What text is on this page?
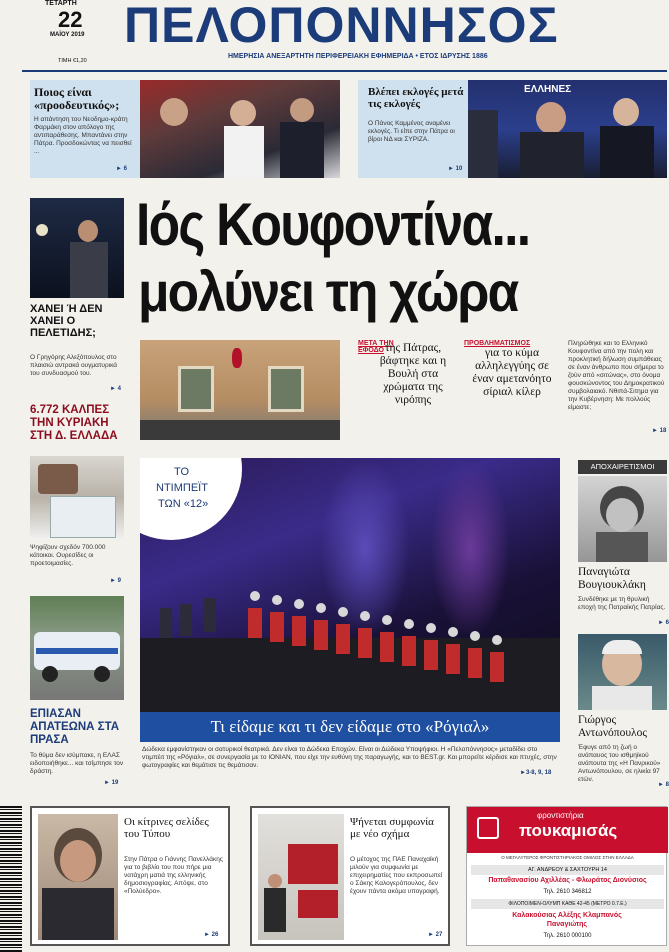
ΤΕΤΑΡΤΗ
22
ΜΑΪΟΥ 2019
ΤΙΜΗ €1,20
ΠΕΛΟΠΟΝΝΗΣΟΣ
ΗΜΕΡΗΣΙΑ ΑΝΕΞΑΡΤΗΤΗ ΠΕΡΙΦΕΡΕΙΑΚΗ ΕΦΗΜΕΡΙΔΑ • ΕΤΟΣ ΙΔΡΥΣΗΣ 1886
Ποιος είναι «προοδευτικός»;
Η απάντηση του Νεοδημο-κράτη Φαρμάκη στον απόλογο της αντιπαράθεσης. Μπαντάνει στην Πάτρα. Προσδοκώντας να πεισθεί ...
► 6
Βλέπει εκλογές μετά τις εκλογές
Ο Πάνος Καμμένος αναμένει εκλογές. Τι είπε στην Πάτρα οι βίροι ΝΔ και ΣΥΡΙΖΑ.
► 10
ΕΛΛΗΝΕΣ
ΧΑΝΕΙ Ή ΔΕΝ ΧΑΝΕΙ Ο ΠΕΛΕΤΙΔΗΣ;
Ο Γρηγόρης Αλεξόπουλος στο πλαισιώ αντρακά ουγματυρικά του συνδυασμού του.
► 4
6.772 ΚΑΛΠΕΣ ΤΗΝ ΚΥΡΙΑΚΗ ΣΤΗ Δ. ΕΛΛΑΔΑ
Ψηφίζουν σχεδόν 700.000 κάτοικοι. Ουρεσίδες οι προετοιμασίες.
► 9
ΕΠΙΑΣΑΝ ΑΠΑΤΕΩΝΑ ΣΤΑ ΠΡΑΣΑ
Το θύμα δεν ισύμπακε, η ΕΛΑΣ ειδοποιήθηκε... και τσίμπησε τον δράστη.
► 19
Ιός Κουφοντίνα...
μολύνει τη χώρα
ΜΕΤΑ ΤΗΝ ΕΦΟΔΟ της Πάτρας, βάφτηκε και η Βουλή στα χρώματα της νιρόπης
ΠΡΟΒΛΗΜΑΤΙΣΜΟΣ
για το κύμα αλληλεγγύης σε έναν αμετανόητο σίριαλ κίλερ
Πληρώθηκε και το Ελληνικό Κουφοντίνα από την πολη και προκλητική δήλωση συμπάθειας σε έναν άνθρωπο που σήμερα το ζούν από «σιτώνας», στο όνομα φουσκώνοντος του Δημοκρατικού συμβολαιακό. Νθιπά-Σιτημα για την Κυβέρνηση: Με πολλούς είμαστε;
► 18
ΤΟ
ΝΤΙΜΠΕΪΤ
ΤΩΝ «12»
Τι είδαμε και τι δεν είδαμε στο «Ρόγιαλ»
Δώδεκα εμφανίστηκαν οι σατυρικοί θεατρικά. Δεν είναι το Δώδεκα Εποχών. Είναι οι Δώδεκα Υποψήφιοι. Η «Πελοπόννησος» μεταδίδει στο ντιμπέιτ της «Ρόγιαλ», σε συνεργασία με το IONIAN, που είχε την ευθύνη της παραγωγής, και το BEST.gr. Και μπορείτε κέρδισε και πτυχές, στην φωτογραφίες και θεμάτισε τις θεμάτισαν.
►3-8, 9, 18
ΑΠΟΧΑΙΡΕΤΙΣΜΟΙ
Παναγιώτα Βουγιουκλάκη
Συνδέθηκε με τη θρυλική εποχή της Πατραϊκής Πατρίας.
► 6
Γιώργος Αντωνόπουλος
Έφυγε από τη ζωή ο ανάπαυος του ισθμηϊκού ανάπουτα της «Η Πανρικού» Αντωνόπουλου, σε ηλικία 97 ετών.
► 8
Οι κίτρινες σελίδες του Τύπου
Στην Πάτρα ο Γιάννης Πανελλάκης για το βιβλίο του που πήρε μια νατάχρη ματιά της ελληνικής δημοσιογραφίας. Απόψε, στο «Πολύεδρο».
► 26
Ψήνεται συμφωνία με νέο σχήμα
Ο μέτοχος της ΠΑΕ Παναχαϊκή μιλούν για συμφωνία με επιχειρηματίες που εκπροσωπεί ο Σάκης Καλογερόπουλος, δεν έχουν πάντα ακόμα υπογραφή.
► 27
φροντιστήρια
πουκαμισάς
Ο ΜΕΓΑΛΥΤΕΡΟΣ ΦΡΟΝΤΙΣΤΗΡΙΑΚΟΣ ΟΜΙΛΟΣ ΣΤΗΝ ΕΛΛΑΔΑ
ΑΓ. ΑΝΔΡΕΟΥ & ΣΑΧΤΟΥΡΗ 14
Παπαθανασίου Αχιλλέας - Φλωράτος Διονύσιος
Τηλ. 2610 346812
ΦΙΛΟΠΟΙΜΕΝ-ΟΛΥΜΠ ΚΑΘΕ 42-45 (ΜΕΤΡΟ 0.7.Ε.)
Καλακούσιας Αλέξης Κλαμπανός Παναγιώτης
Τηλ. 2610 000100
